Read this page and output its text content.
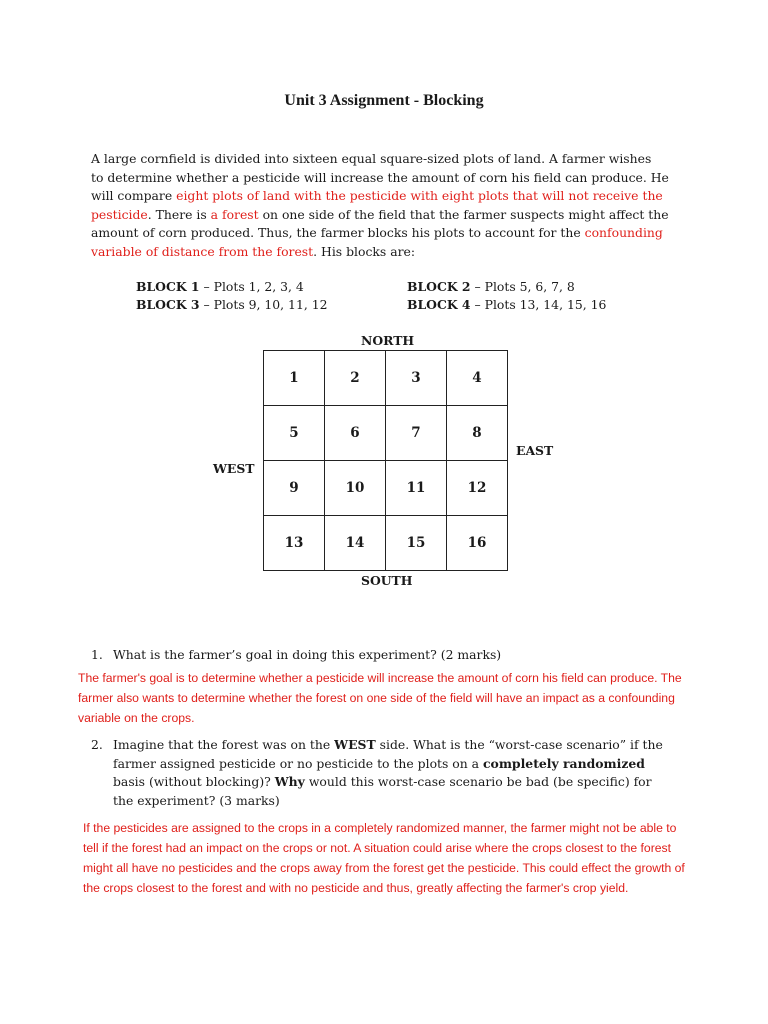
Unit 3 Assignment - Blocking
A large cornfield is divided into sixteen equal square-sized plots of land. A farmer wishes
to determine whether a pesticide will increase the amount of corn his field can produce. He
will compare eight plots of land with the pesticide with eight plots that will not receive the
pesticide. There is a forest on one side of the field that the farmer suspects might affect the
amount of corn produced. Thus, the farmer blocks his plots to account for the confounding
variable of distance from the forest. His blocks are:
BLOCK 1 – Plots 1, 2, 3, 4	BLOCK 2 – Plots 5, 6, 7, 8
BLOCK 3 – Plots 9, 10, 11, 12	BLOCK 4 – Plots 13, 14, 15, 16
NORTH
SOUTH
EAST
WEST
1	2	3	4
5	6	7	8
9	10	11	12
13	14	15	16
1. What is the farmer’s goal in doing this experiment? (2 marks)
The farmer's goal is to determine whether a pesticide will increase the amount of corn his field can produce. The
farmer also wants to determine whether the forest on one side of the field will have an impact as a confounding
variable on the crops.
2. Imagine that the forest was on the WEST side. What is the “worst-case scenario” if the
farmer assigned pesticide or no pesticide to the plots on a completely randomized
basis (without blocking)? Why would this worst-case scenario be bad (be specific) for
the experiment? (3 marks)
If the pesticides are assigned to the crops in a completely randomized manner, the farmer might not be able to
tell if the forest had an impact on the crops or not. A situation could arise where the crops closest to the forest
might all have no pesticides and the crops away from the forest get the pesticide. This could effect the growth of
the crops closest to the forest and with no pesticide and thus, greatly affecting the farmer's crop yield.
